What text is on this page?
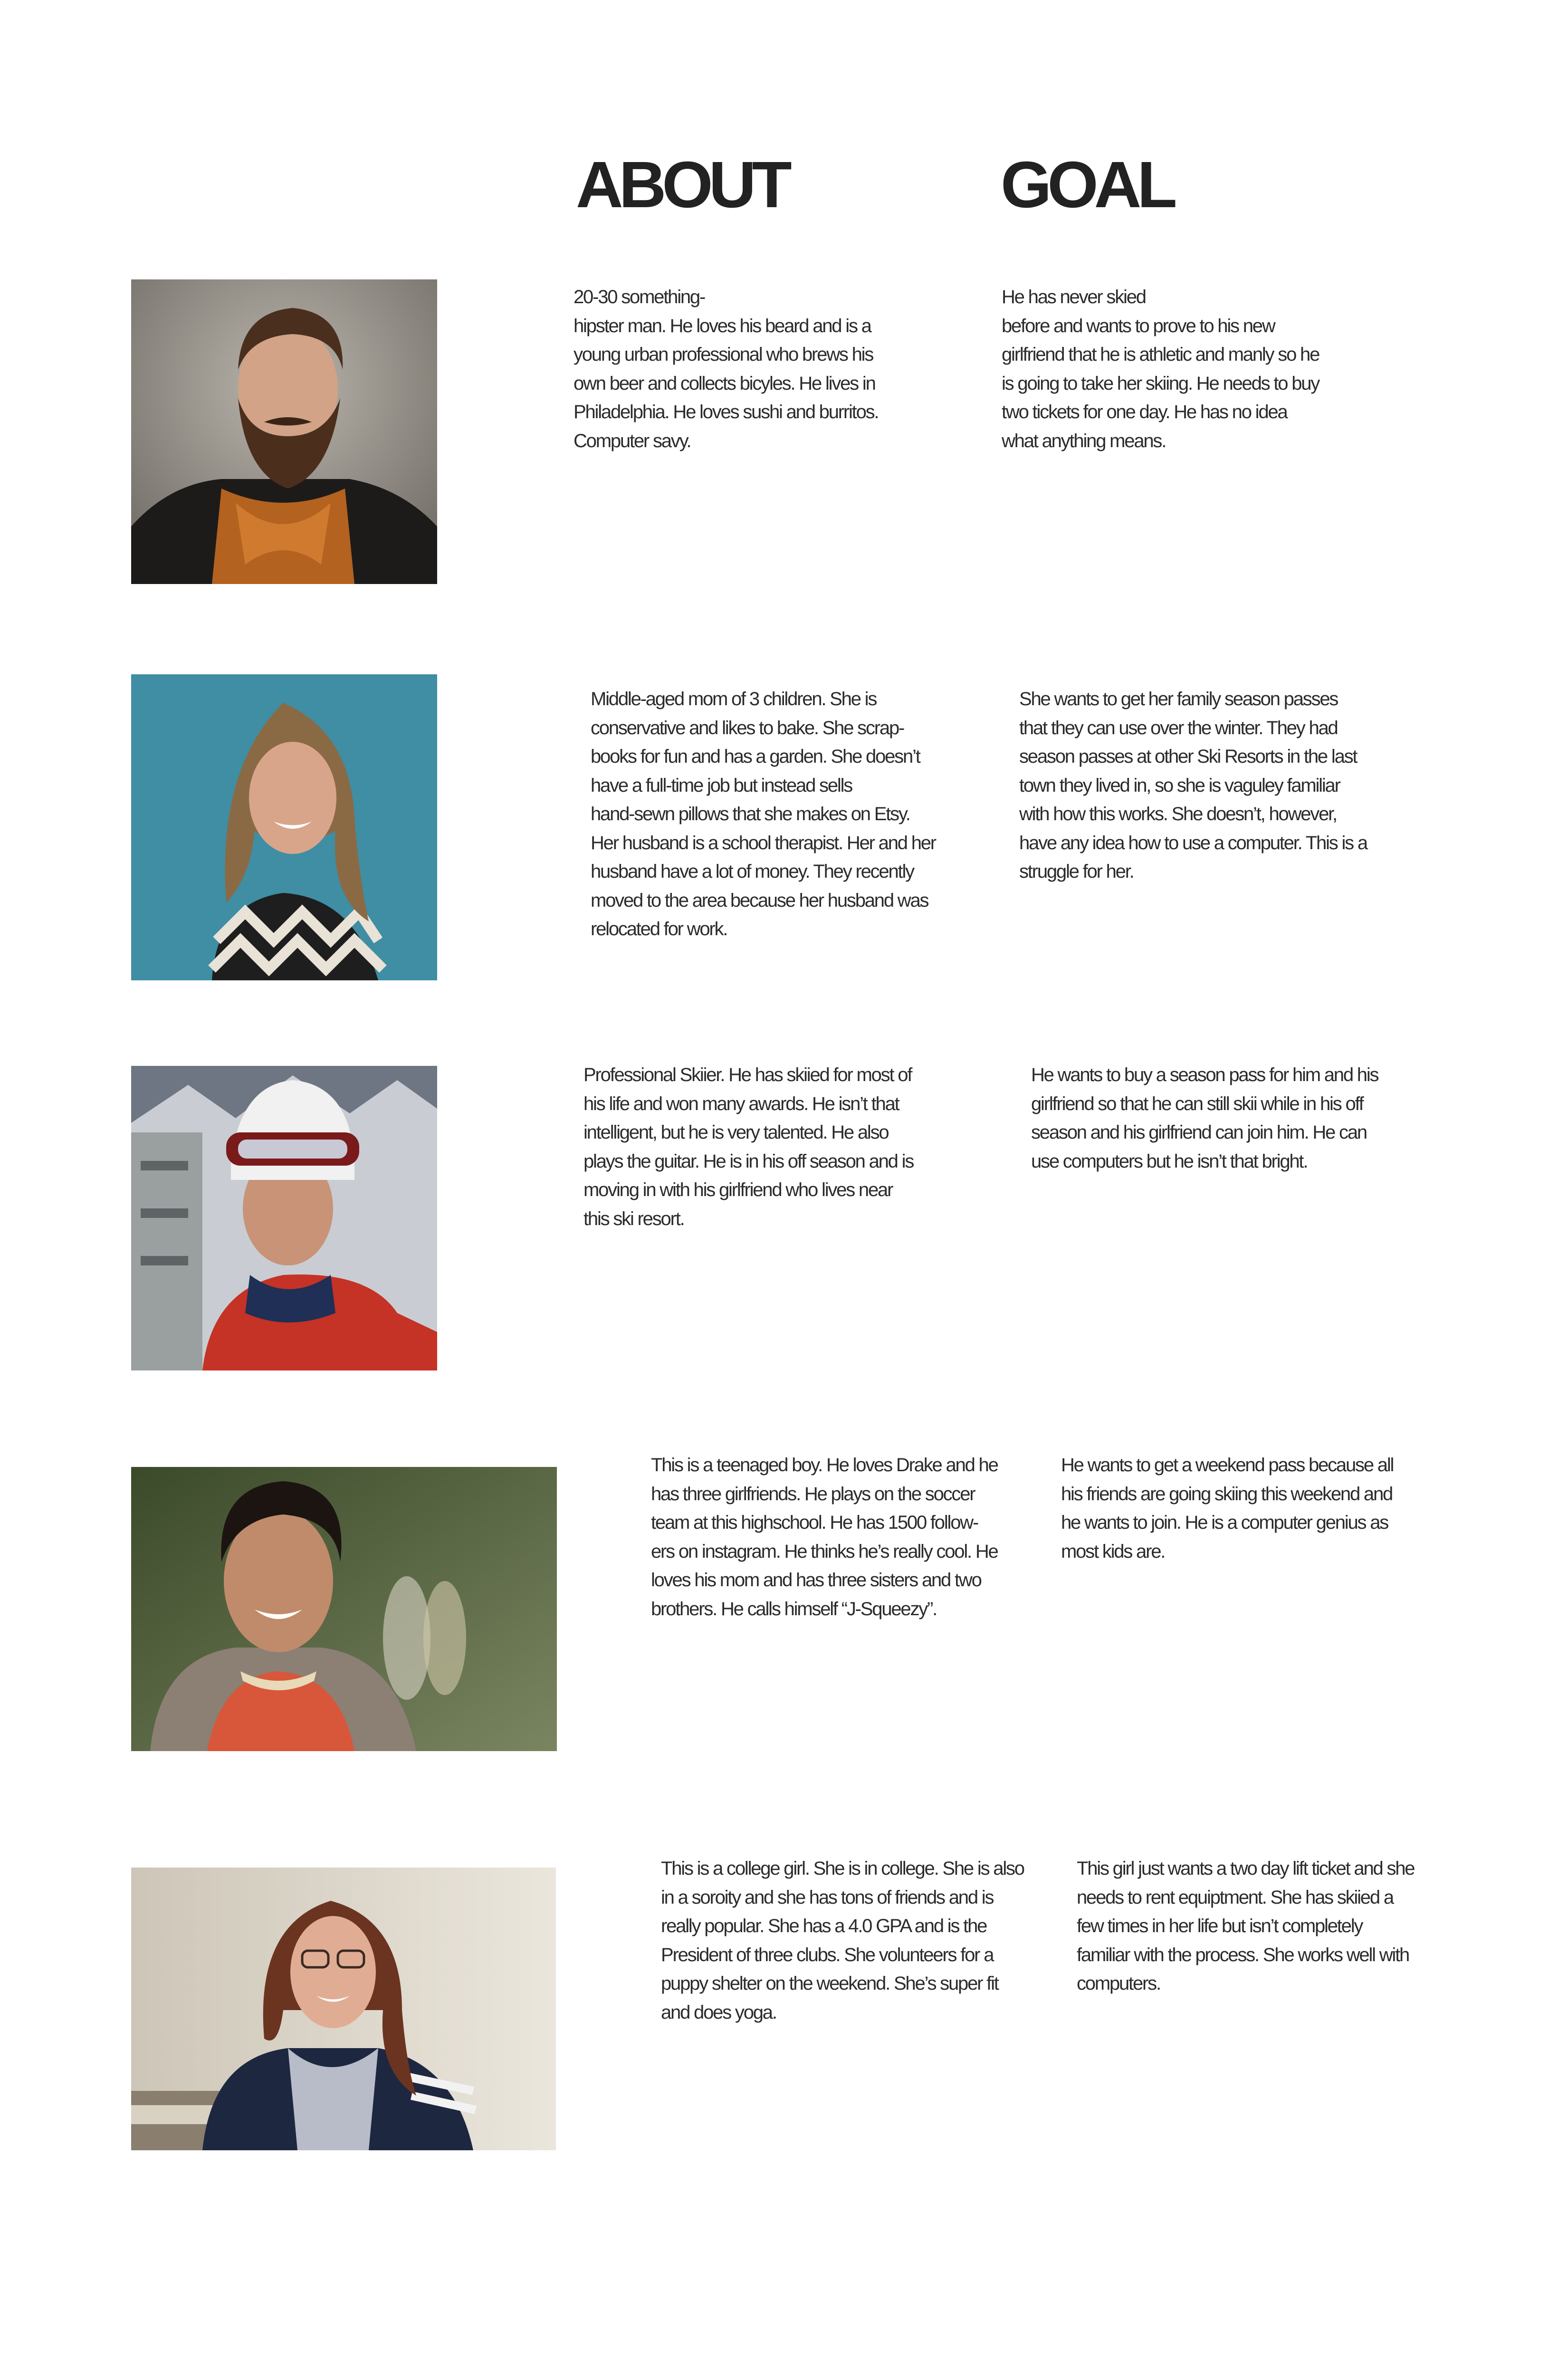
ABOUT	GOAL

20-30 something-
hipster man. He loves his beard and is a
young urban professional who brews his
own beer and collects bicyles. He lives in
Philadelphia. He loves sushi and burritos.
Computer savy.

He has never skied
before and wants to prove to his new
girlfriend that he is athletic and manly so he
is going to take her skiing. He needs to buy
two tickets for one day. He has no idea
what anything means.

Middle-aged mom of 3 children. She is
conservative and likes to bake. She scrap-
books for fun and has a garden. She doesn’t
have a full-time job but instead sells
hand-sewn pillows that she makes on Etsy.
Her husband is a school therapist. Her and her
husband have a lot of money. They recently
moved to the area because her husband was
relocated for work.

She wants to get her family season passes
that they can use over the winter. They had
season passes at other Ski Resorts in the last
town they lived in, so she is vaguley familiar
with how this works. She doesn’t, however,
have any idea how to use a computer. This is a
struggle for her.

Professional Skiier. He has skiied for most of
his life and won many awards. He isn’t that
intelligent, but he is very talented. He also
plays the guitar. He is in his off season and is
moving in with his girlfriend who lives near
this ski resort.

He wants to buy a season pass for him and his
girlfriend so that he can still skii while in his off
season and his girlfriend can join him. He can
use computers but he isn’t that bright.

This is a teenaged boy. He loves Drake and he
has three girlfriends. He plays on the soccer
team at this highschool. He has 1500 follow-
ers on instagram. He thinks he’s really cool. He
loves his mom and has three sisters and two
brothers. He calls himself “J-Squeezy”.

He wants to get a weekend pass because all
his friends are going skiing this weekend and
he wants to join. He is a computer genius as
most kids are.

This is a college girl. She is in college. She is also
in a soroity and she has tons of friends and is
really popular. She has a 4.0 GPA and is the
President of three clubs. She volunteers for a
puppy shelter on the weekend. She’s super fit
and does yoga.

This girl just wants a two day lift ticket and she
needs to rent equiptment. She has skiied a
few times in her life but isn’t completely
familiar with the process. She works well with
computers.
